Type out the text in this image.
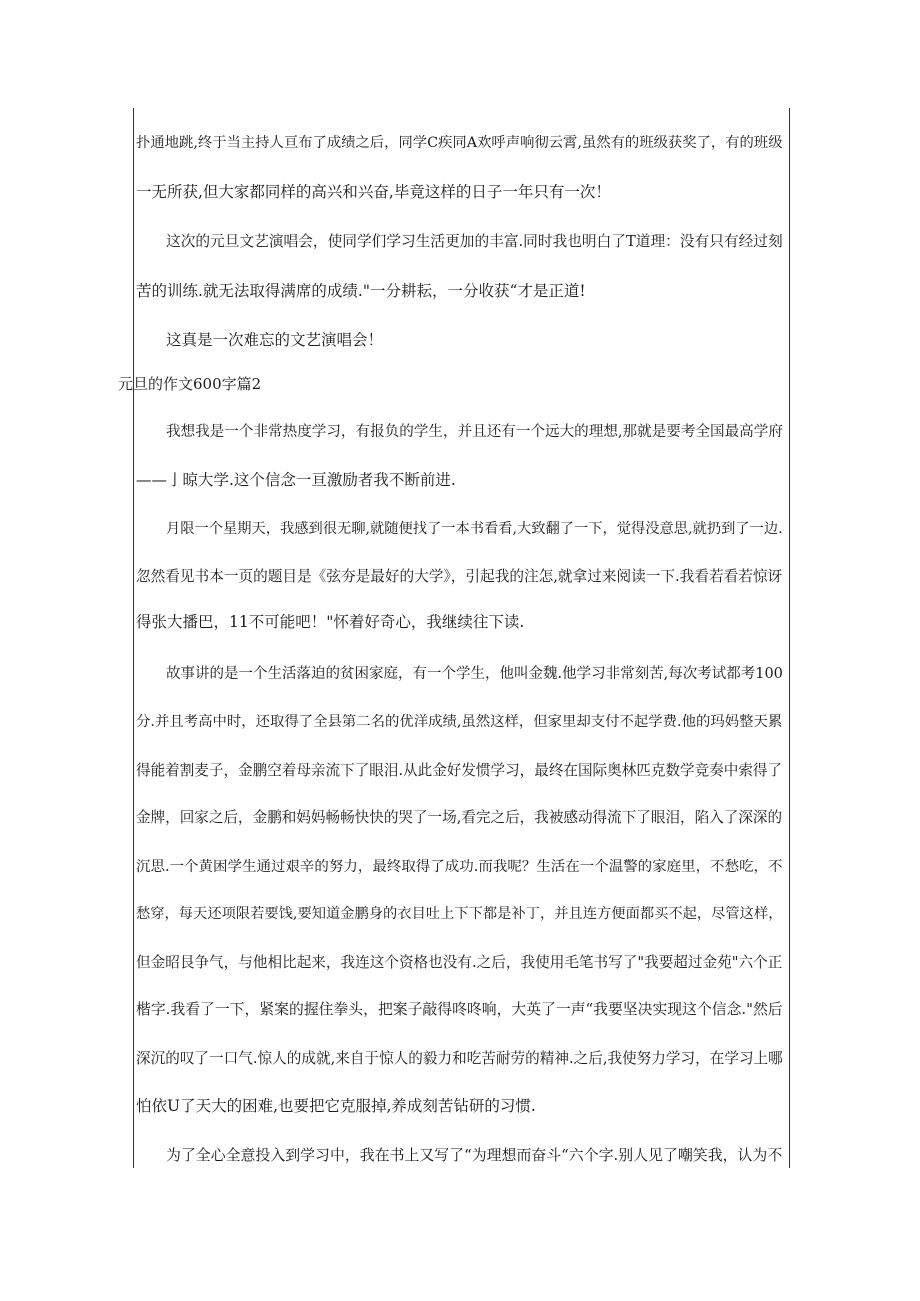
扑通地跳,终于当主持人亘布了成绩之后，同学C疾同A欢呼声响彻云霄,虽然有的班级获奖了，有的班级
一无所获,但大家都同样的高兴和兴奋,毕竟这样的日子一年只有一次！
这次的元旦文艺演唱会，使同学们学习生活更加的丰富.同时我也明白了T道理：没有只有经过刻
苦的训练.就无法取得满席的成绩."一分耕耘，一分收获“才是正道!
这真是一次难忘的文艺演唱会！
元旦的作文600字篇2
我想我是一个非常热度学习，有报负的学生，并且还有一个远大的理想,那就是要考全国最高学府
——亅晾大学.这个信念一亘激励者我不断前进.
月限一个星期天，我感到很无聊,就随便找了一本书看看,大致翻了一下，觉得没意思,就扔到了一边.
忽然看见书本一页的题目是《弦夯是最好的大学》，引起我的注怎,就拿过来阅读一下.我看若看若惊讶
得张大播巴，11不可能吧！"怀着好奇心，我继续往下读.
故事讲的是一个生活落迫的贫困家庭，有一个学生，他叫金魏.他学习非常刻苦,每次考试都考100
分.并且考高中时，还取得了全县第二名的优洋成绩,虽然这样，但家里却支付不起学费.他的玛妈整天累
得能着割麦子，金鹏空着母亲流下了眼泪.从此金好发惯学习，最终在国际奥林匹克数学竞奏中索得了
金牌，回家之后，金鹏和妈妈畅畅快快的哭了一场,看完之后，我被感动得流下了眼泪，陷入了深深的
沉思.一个黄困学生通过艰辛的努力，最终取得了成功.而我呢？生活在一个温警的家庭里，不愁吃，不
愁穿，每天还项限若要饯,要知道金鹏身的衣目吐上下下都是补丁，并且连方便面都买不起，尽管这样，
但金昭艮争气，与他相比起来，我连这个资格也没有.之后，我使用毛笔书写了"我要超过金苑"六个正
楷字.我看了一下，紧案的握住拳头，把案子敲得咚咚响，大英了一声“我要坚决实现这个信念."然后
深沉的叹了一口气.惊人的成就,来自于惊人的毅力和吃苦耐劳的精神.之后,我使努力学习，在学习上哪
怕依U了天大的困难,也要把它克服掉,养成刻苦钻研的习惯.
为了全心全意投入到学习中，我在书上又写了“为理想而奋斗“六个字.别人见了嘲笑我，认为不
